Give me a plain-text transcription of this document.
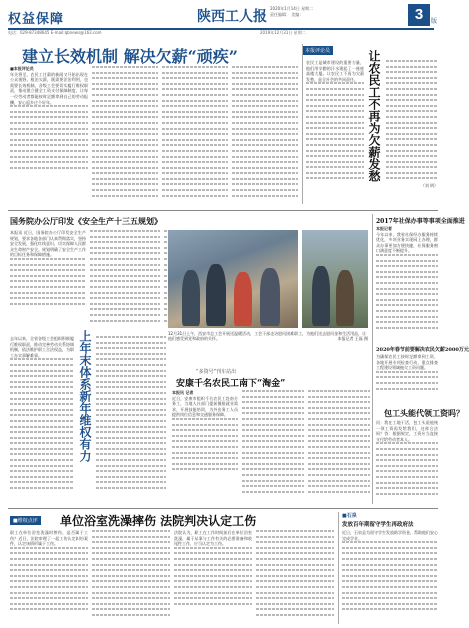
权益保障	陕西工人报
2020年1月14日 星期二
责任编辑： 美编：	3	版
电话：029-87348645 E-mail:qbnews@163.com	2019年12月31日 星期二
建立长效机制 解决欠薪“顽疾”	本报评论员
■本报评论员
年关将至，农民工讨薪的新闻又开始出现在公众视野。根治欠薪，既需要法治利剑，也需要长效机制。各级工会要切实履行维权职责，推动建立健全工资支付保障制度，让每一位劳动者都能按时足额拿到自己的劳动报酬，安心返乡过个好年。
农民工是城市建设的重要力量，他们用辛勤的汗水建起了一座座高楼大厦。让农民工不再为欠薪发愁，是全社会的共同责任。 让农民工不再为欠薪发愁
（刘 明）
国务院办公厅印发《安全生产十三五规划》
本报讯 近日，国务院办公厅印发安全生产规划，要求各地各部门认真贯彻落实，坚持安全发展，强化红线意识，切实保障人民群众生命财产安全。规划明确了安全生产工作的目标任务和保障措施。
去年以来，全省各级工会组织积极履行维权职责，推动完善劳动关系协调机制，依法维护职工合法权益，为职工办实事解难事。	上年末体系新年维权有力	12月31日上午，西安市总工会开展送温暖活动，工会干部走访慰问困难职工，为他们送去慰问金和生活用品，让他们感受到党和政府的关怀。	本报记者 王磊 摄
“多资号”刊车站出
安康千名农民工南下“淘金”
本报讯 记者
近日，安康市组织千名农民工赴南方务工，当地人社部门提前摸排就业需求，开展技能培训，为外出务工人员提供岗位信息和交通服务保障。
2017年社保办事等事项全面推进
本报记者
今年以来，我省社保经办服务持续优化，多项业务实现网上办理，群众办事更加方便快捷，社保服务窗口满意度不断提升。
2020年春节前要解决农民欠薪2000万元
为确保农民工按时足额拿到工资，各地开展专项检查行动，重点排查工程建设领域拖欠工资问题。
包工头能代领工资吗？
问：我在工地干活，包工头说他统一领工资再发给我们，这样合法吗？答：根据规定，工资应当直接支付给劳动者本人。
■维权点评 单位浴室洗澡摔伤 法院判决认定工伤
职工在单位浴室洗澡时摔伤，是否属于工伤？近日，法院审理了一起工伤认定纠纷案件，认定该情形属于工伤。
法院认为，职工在工作时间前后在单位浴室洗澡，属于从事与工作有关的必要准备和收尾性工作，应当认定为工伤。
■石泉
发放百年期留守学生再政府法
近日，石泉县为留守学生发放助学资金，帮助他们安心完成学业。
